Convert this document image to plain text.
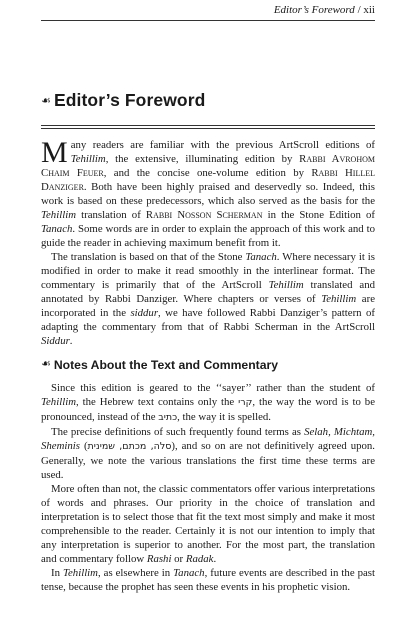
Editor’s Foreword / xii
☙ Editor’s Foreword

Many readers are familiar with the previous ArtScroll editions of Tehillim, the extensive, illuminating edition by Rabbi Avrohom Chaim Feuer, and the concise one-volume edition by Rabbi Hillel Danziger. Both have been highly praised and deservedly so. Indeed, this work is based on these predecessors, which also served as the basis for the Tehillim translation of Rabbi Nosson Scherman in the Stone Edition of Tanach. Some words are in order to explain the approach of this work and to guide the reader in achieving maximum benefit from it.

The translation is based on that of the Stone Tanach. Where necessary it is modified in order to make it read smoothly in the interlinear format. The commentary is primarily that of the ArtScroll Tehillim translated and annotated by Rabbi Danziger. Where chapters or verses of Tehillim are incorporated in the siddur, we have followed Rabbi Danziger’s pattern of adapting the commentary from that of Rabbi Scherman in the ArtScroll Siddur.

☙ Notes About the Text and Commentary

Since this edition is geared to the ‘‘sayer’’ rather than the student of Tehillim, the Hebrew text contains only the קרי, the way the word is to be pronounced, instead of the כתיב, the way it is spelled.

The precise definitions of such frequently found terms as Selah, Michtam, Sheminis (סלה, מכתם, שמינית), and so on are not definitively agreed upon. Generally, we note the various translations the first time these terms are used.

More often than not, the classic commentators offer various interpretations of words and phrases. Our priority in the choice of translation and interpretation is to select those that fit the text most simply and make it most comprehensible to the reader. Certainly it is not our intention to imply that any interpretation is superior to another. For the most part, the translation and commentary follow Rashi or Radak.

In Tehillim, as elsewhere in Tanach, future events are described in the past tense, because the prophet has seen these events in his prophetic vision.
